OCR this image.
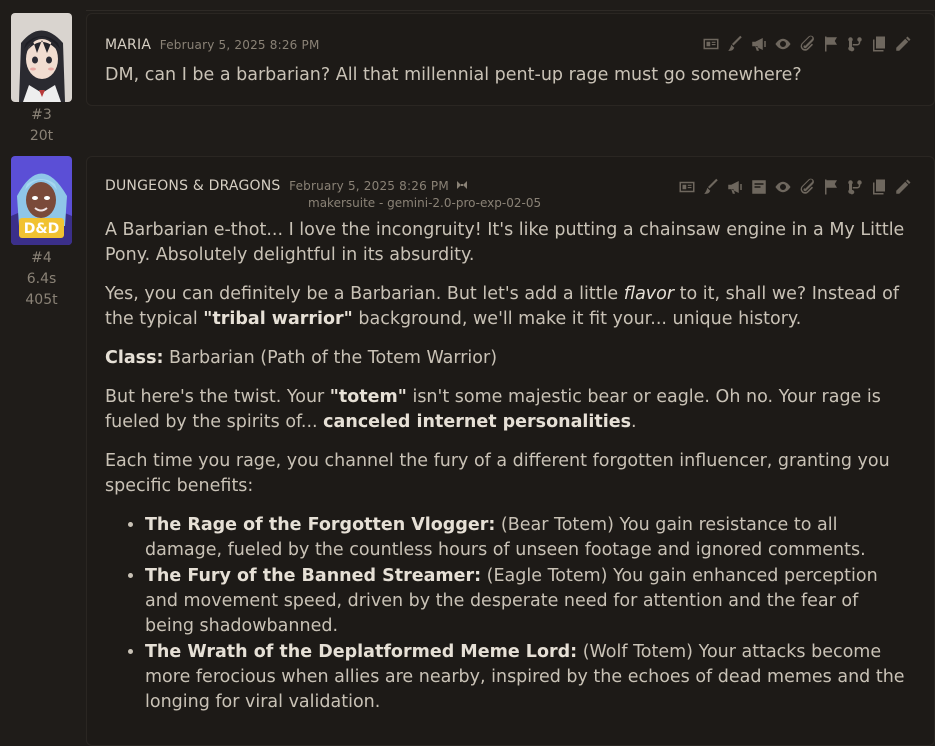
#3
20t
MARIA February 5, 2025 8:26 PM
DM, can I be a barbarian? All that millennial pent-up rage must go somewhere?
D&D
#4
6.4s
405t
DUNGEONS & DRAGONS February 5, 2025 8:26 PM
makersuite - gemini-2.0-pro-exp-02-05

A Barbarian e-thot... I love the incongruity! It's like putting a chainsaw engine in a My Little Pony. Absolutely delightful in its absurdity.

Yes, you can definitely be a Barbarian. But let's add a little flavor to it, shall we? Instead of the typical "tribal warrior" background, we'll make it fit your... unique history.

Class: Barbarian (Path of the Totem Warrior)

But here's the twist. Your "totem" isn't some majestic bear or eagle. Oh no. Your rage is fueled by the spirits of... canceled internet personalities.

Each time you rage, you channel the fury of a different forgotten influencer, granting you specific benefits:

• The Rage of the Forgotten Vlogger: (Bear Totem) You gain resistance to all damage, fueled by the countless hours of unseen footage and ignored comments.
• The Fury of the Banned Streamer: (Eagle Totem) You gain enhanced perception and movement speed, driven by the desperate need for attention and the fear of being shadowbanned.
• The Wrath of the Deplatformed Meme Lord: (Wolf Totem) Your attacks become more ferocious when allies are nearby, inspired by the echoes of dead memes and the longing for viral validation.
